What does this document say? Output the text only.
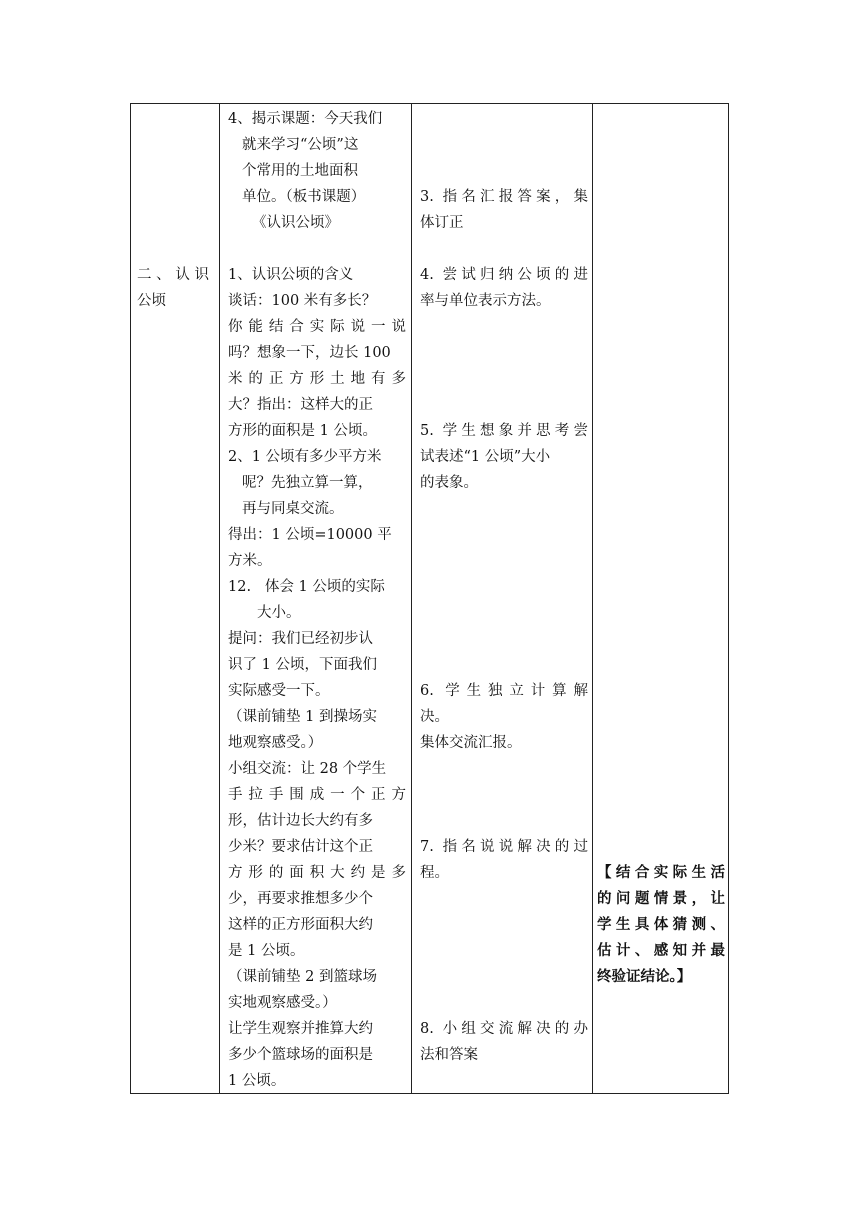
二、认识
公顷
4、揭示课题：今天我们
就来学习“公顷”这
个常用的土地面积
单位。（板书课题）
《认识公顷》
1、认识公顷的含义
谈话：100 米有多长？
你能结合实际说一说
吗？想象一下，边长 100
米的正方形土地有多
大？指出：这样大的正
方形的面积是 1 公顷。
2、1 公顷有多少平方米
呢？先独立算一算，
再与同桌交流。
得出：1 公顷=10000 平
方米。
12.   体会 1 公顷的实际
大小。
提问：我们已经初步认
识了 1 公顷，下面我们
实际感受一下。
（课前铺垫 1 到操场实
地观察感受。）
小组交流：让 28 个学生
手拉手围成一个正方
形，估计边长大约有多
少米？要求估计这个正
方形的面积大约是多
少，再要求推想多少个
这样的正方形面积大约
是 1 公顷。
（课前铺垫 2 到篮球场
实地观察感受。）
让学生观察并推算大约
多少个篮球场的面积是
1 公顷。
3. 指名汇报答案，集
体订正
4. 尝试归纳公顷的进
率与单位表示方法。
5. 学生想象并思考尝
试表述“1 公顷”大小
的表象。
6. 学生独立计算解
决。
集体交流汇报。
7. 指名说说解决的过
程。
8. 小组交流解决的办
法和答案
【结合实际生活
的问题情景，让
学生具体猜测、
估计、感知并最
终验证结论。】
